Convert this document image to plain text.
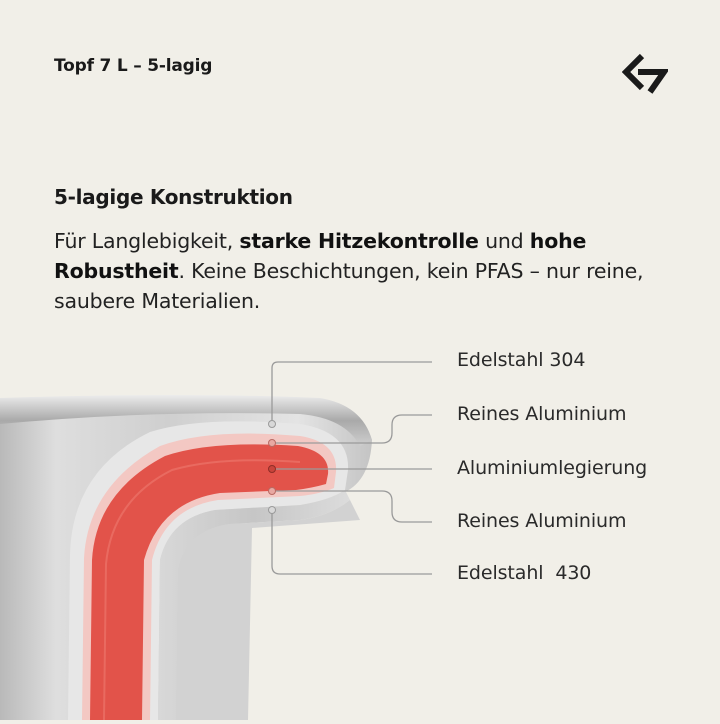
Topf 7 L – 5-lagig
5-lagige Konstruktion
Für Langlebigkeit, starke Hitzekontrolle und hohe Robustheit. Keine Beschichtungen, kein PFAS – nur reine, saubere Materialien.
Edelstahl 304
Reines Aluminium
Aluminiumlegierung
Reines Aluminium
Edelstahl  430
